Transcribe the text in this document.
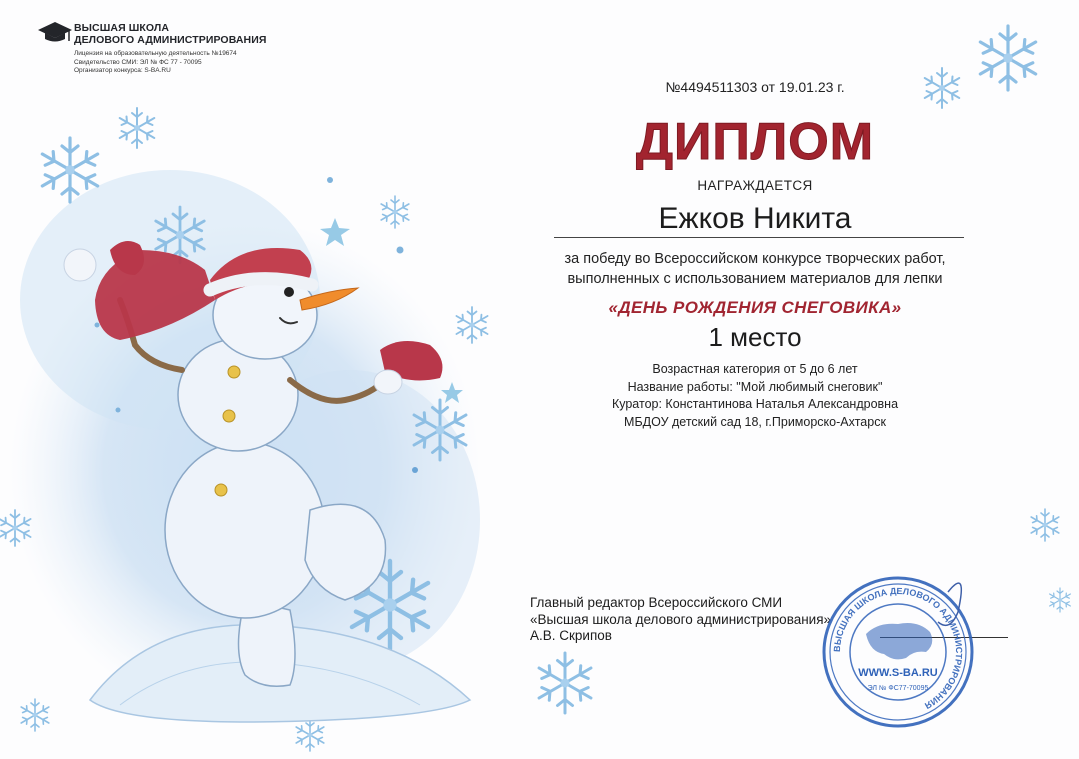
ВЫСШАЯ ШКОЛА
ДЕЛОВОГО АДМИНИСТРИРОВАНИЯ
Лицензия на образовательную деятельность №19674
Свидетельство СМИ: ЭЛ № ФС 77 - 70095
Организатор конкурса: S-BA.RU
№4494511303 от 19.01.23 г.
ДИПЛОМ
НАГРАЖДАЕТСЯ
Ежков Никита
за победу во Всероссийском конкурсе творческих работ,
выполненных с использованием материалов для лепки
«ДЕНЬ РОЖДЕНИЯ СНЕГОВИКА»
1 место
Возрастная категория от 5 до 6 лет
Название работы: "Мой любимый снеговик"
Куратор: Константинова Наталья Александровна
МБДОУ детский сад 18, г.Приморско-Ахтарск
Главный редактор Всероссийского СМИ
«Высшая школа делового администрирования»
А.В. Скрипов
ВЫСШАЯ ШКОЛА ДЕЛОВОГО АДМИНИСТРИРОВАНИЯ
WWW.S-BA.RU
ЭЛ № ФС77-70095
